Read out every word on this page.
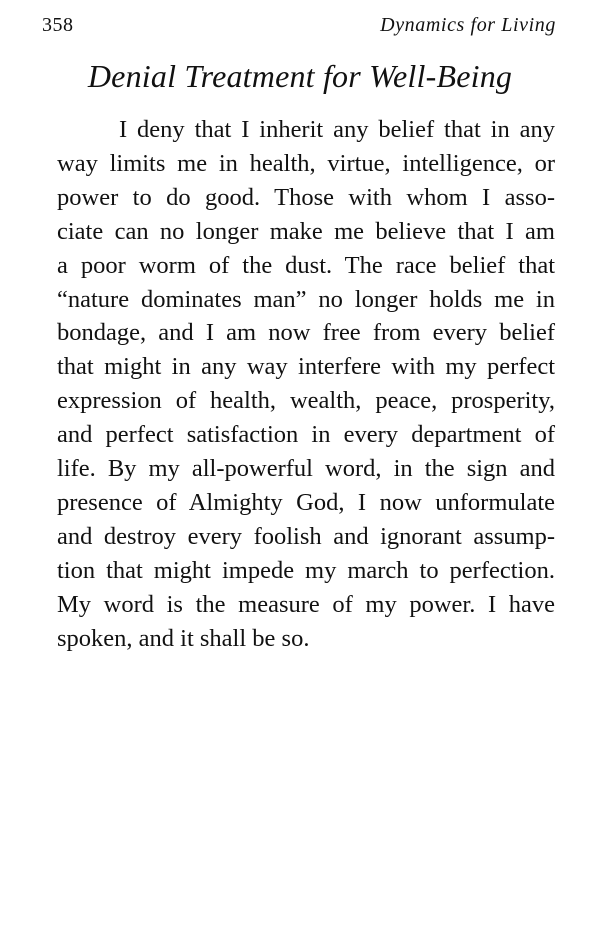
358	Dynamics for Living
Denial Treatment for Well-Being
I deny that I inherit any belief that in any
way limits me in health, virtue, intelligence, or
power to do good. Those with whom I asso-
ciate can no longer make me believe that I am
a poor worm of the dust. The race belief that
“nature dominates man” no longer holds me in
bondage, and I am now free from every belief
that might in any way interfere with my perfect
expression of health, wealth, peace, prosperity,
and perfect satisfaction in every department of
life. By my all-powerful word, in the sign and
presence of Almighty God, I now unformulate
and destroy every foolish and ignorant assump-
tion that might impede my march to perfection.
My word is the measure of my power. I have
spoken, and it shall be so.
